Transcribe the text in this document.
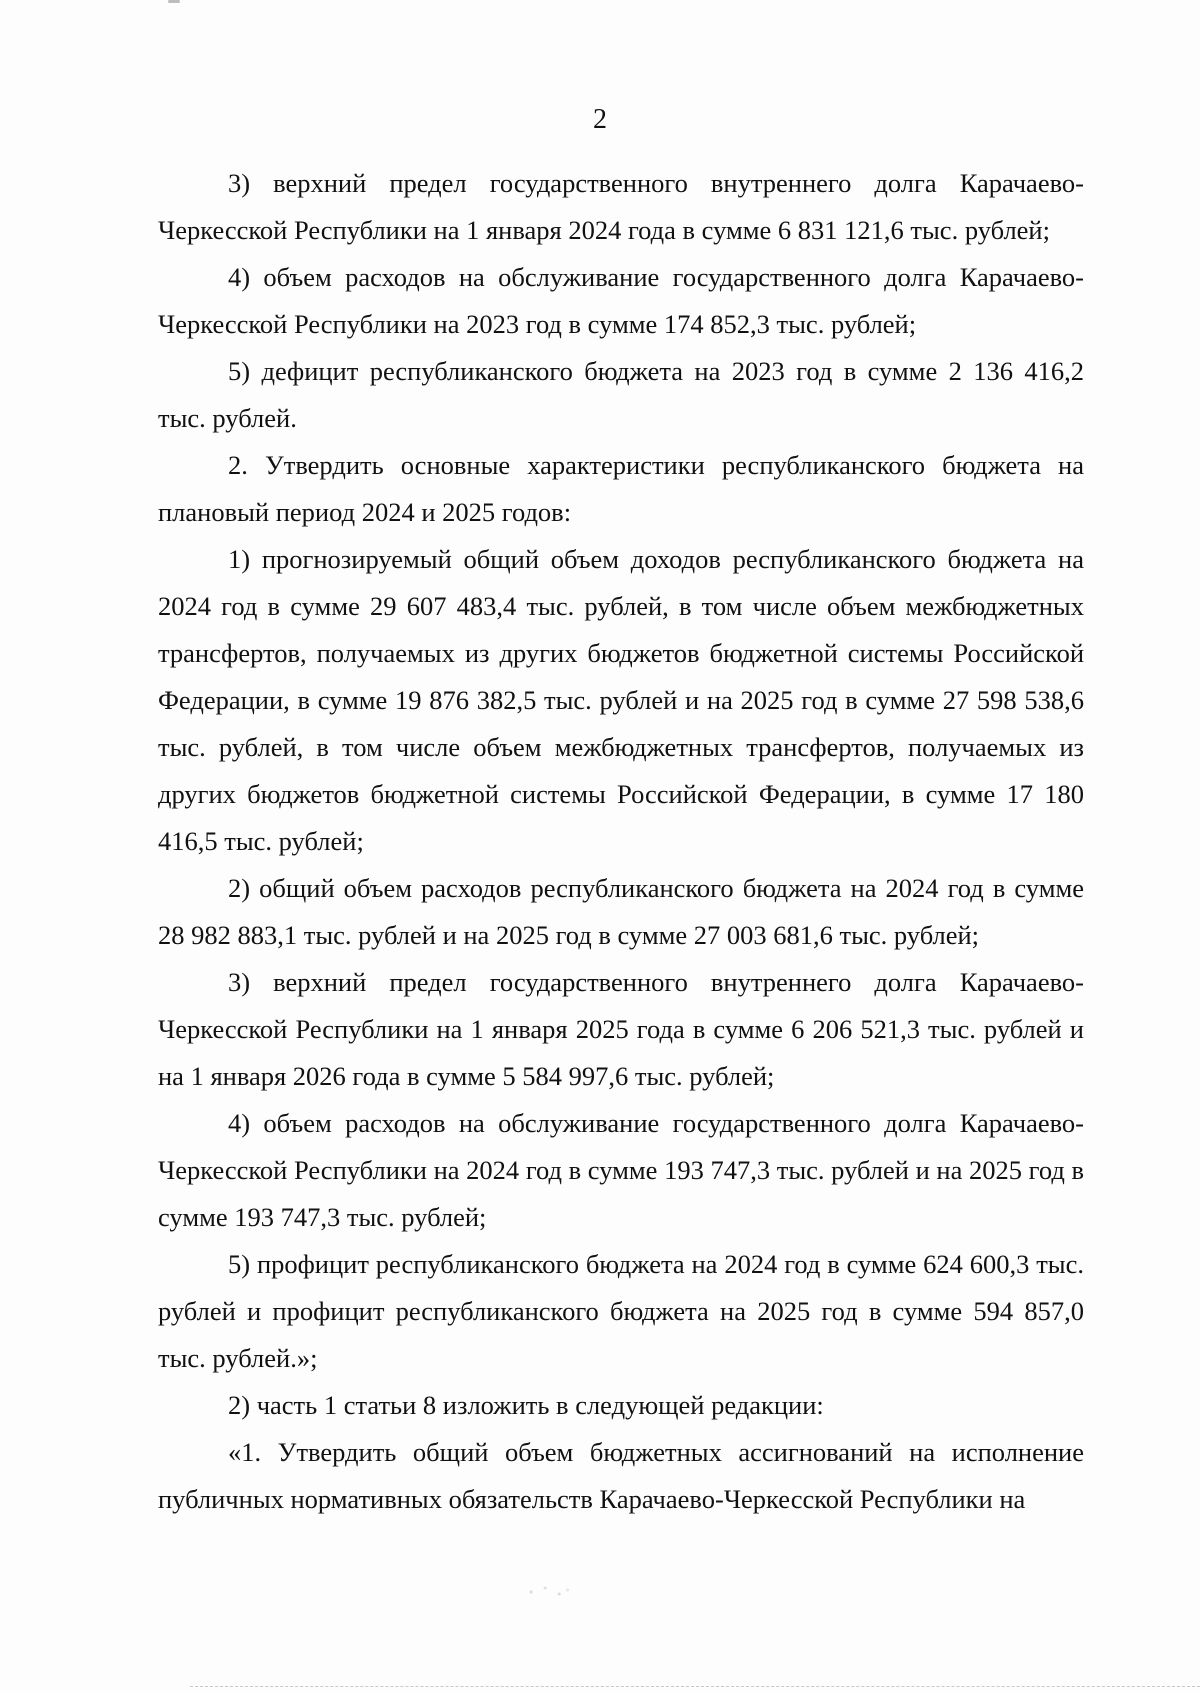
2

3) верхний предел государственного внутреннего долга Карачаево-Черкесской Республики на 1 января 2024 года в сумме 6 831 121,6 тыс. рублей;

4) объем расходов на обслуживание государственного долга Карачаево-Черкесской Республики на 2023 год в сумме 174 852,3 тыс. рублей;

5) дефицит республиканского бюджета на 2023 год в сумме 2 136 416,2 тыс. рублей.

2. Утвердить основные характеристики республиканского бюджета на плановый период 2024 и 2025 годов:

1) прогнозируемый общий объем доходов республиканского бюджета на 2024 год в сумме 29 607 483,4 тыс. рублей, в том числе объем межбюджетных трансфертов, получаемых из других бюджетов бюджетной системы Российской Федерации, в сумме 19 876 382,5 тыс. рублей и на 2025 год в сумме 27 598 538,6 тыс. рублей, в том числе объем межбюджетных трансфертов, получаемых из других бюджетов бюджетной системы Российской Федерации, в сумме 17 180 416,5 тыс. рублей;

2) общий объем расходов республиканского бюджета на 2024 год в сумме 28 982 883,1 тыс. рублей и на 2025 год в сумме 27 003 681,6 тыс. рублей;

3) верхний предел государственного внутреннего долга Карачаево-Черкесской Республики на 1 января 2025 года в сумме 6 206 521,3 тыс. рублей и на 1 января 2026 года в сумме 5 584 997,6 тыс. рублей;

4) объем расходов на обслуживание государственного долга Карачаево-Черкесской Республики на 2024 год в сумме 193 747,3 тыс. рублей и на 2025 год в сумме 193 747,3 тыс. рублей;

5) профицит республиканского бюджета на 2024 год в сумме 624 600,3 тыс. рублей и профицит республиканского бюджета на 2025 год в сумме 594 857,0 тыс. рублей.»;

2) часть 1 статьи 8 изложить в следующей редакции:

«1. Утвердить общий объем бюджетных ассигнований на исполнение публичных нормативных обязательств Карачаево-Черкесской Республики на
